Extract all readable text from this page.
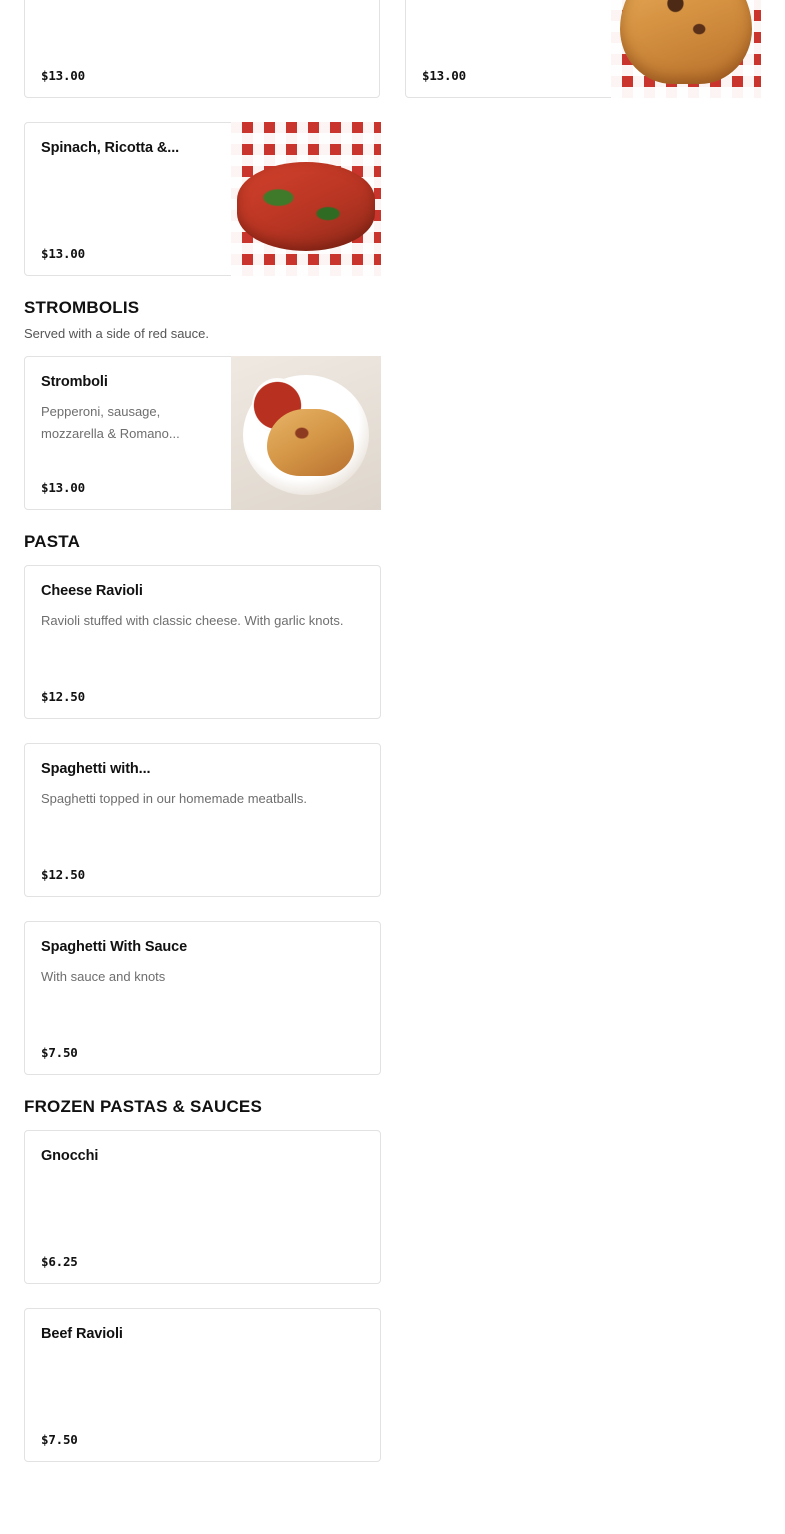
$13.00	$13.00
Spinach, Ricotta &...
$13.00
STROMBOLIS
Served with a side of red sauce.
Stromboli
Pepperoni, sausage, mozzarella & Romano...
$13.00
PASTA
Cheese Ravioli
Ravioli stuffed with classic cheese. With garlic knots.
$12.50
Spaghetti with...
Spaghetti topped in our homemade meatballs.
$12.50
Spaghetti With Sauce
With sauce and knots
$7.50
FROZEN PASTAS & SAUCES
Gnocchi
$6.25
Beef Ravioli
$7.50
